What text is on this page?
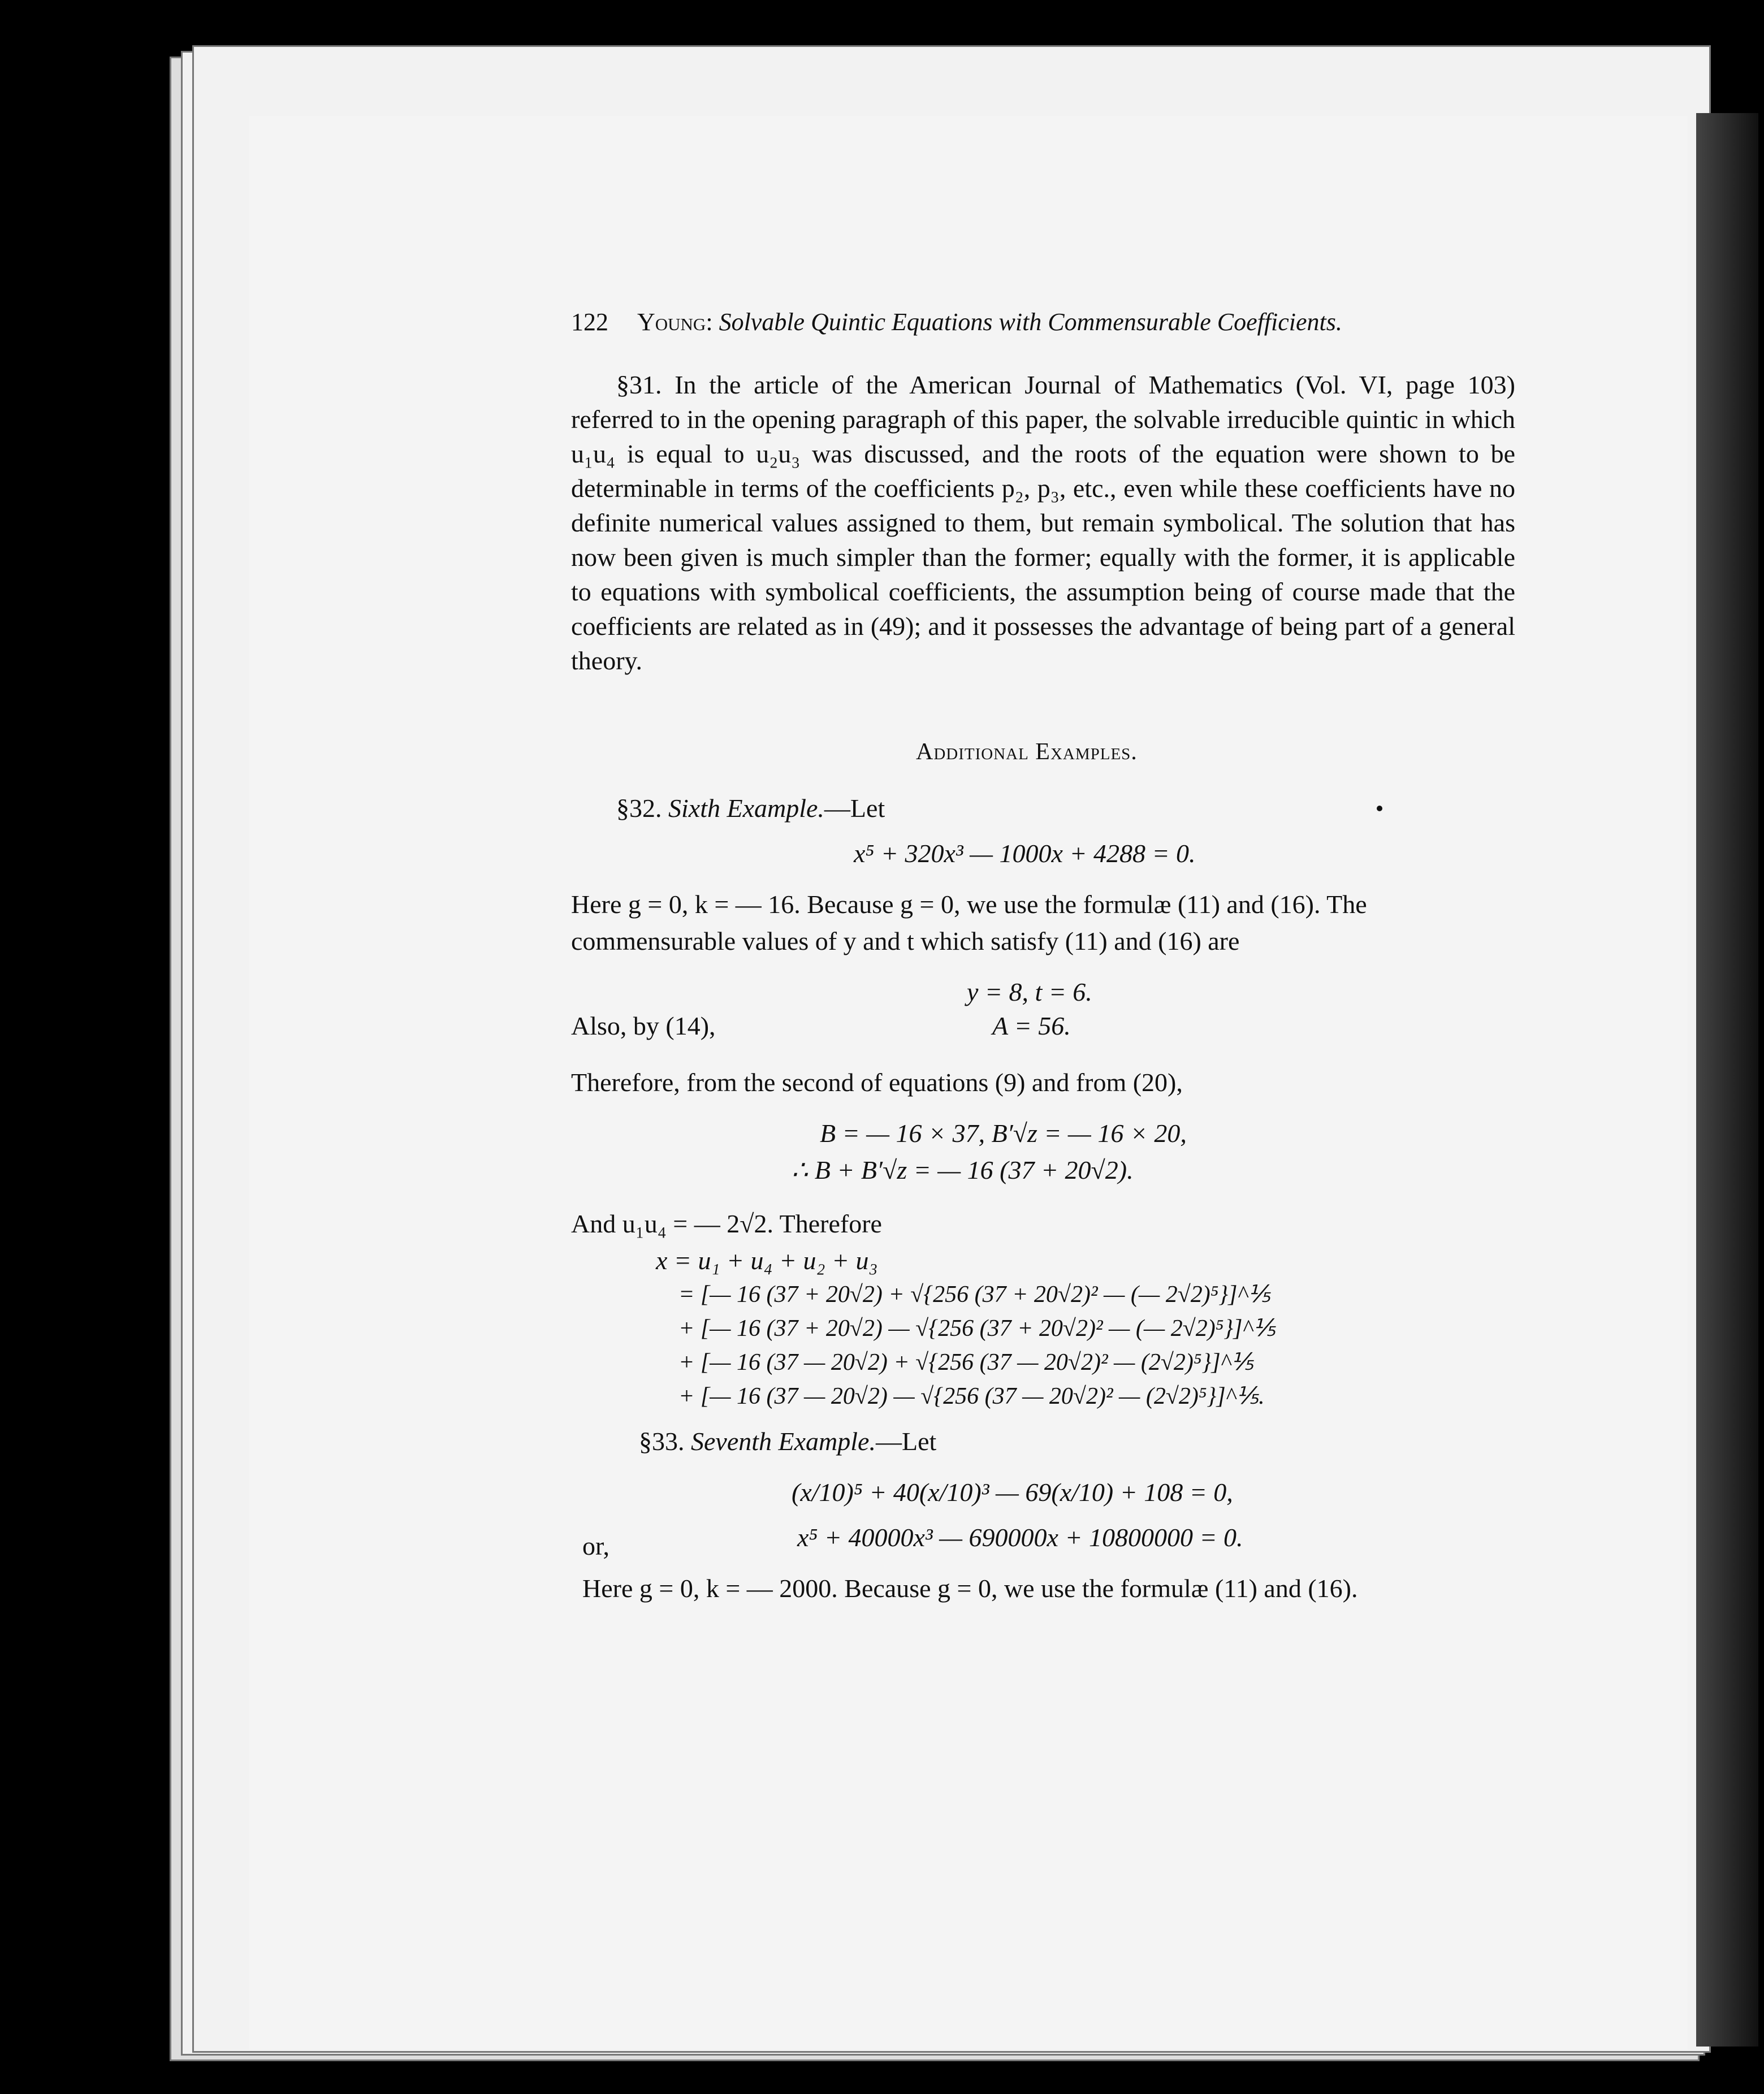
122 Young: Solvable Quintic Equations with Commensurable Coefficients.
§31. In the article of the American Journal of Mathematics (Vol. VI, page 103) referred to in the opening paragraph of this paper, the solvable irreducible quintic in which u₁u₄ is equal to u₂u₃ was discussed, and the roots of the equation were shown to be determinable in terms of the coefficients p₂, p₃, etc., even while these coefficients have no definite numerical values assigned to them, but remain symbolical. The solution that has now been given is much simpler than the former; equally with the former, it is applicable to equations with symbolical coefficients, the assumption being of course made that the coefficients are related as in (49); and it possesses the advantage of being part of a general theory.
Additional Examples.
§32. Sixth Example.—Let
x⁵ + 320x³ — 1000x + 4288 = 0.
Here g = 0, k = — 16. Because g = 0, we use the formulæ (11) and (16). The
commensurable values of y and t which satisfy (11) and (16) are
y = 8, t = 6.
Also, by (14),	A = 56.
Therefore, from the second of equations (9) and from (20),
B = — 16 × 37, B′√z = — 16 × 20,
∴ B + B′√z = — 16 (37 + 20√2).
And u₁u₄ = — 2√2. Therefore
x = u₁ + u₄ + u₂ + u₃
= [— 16 (37 + 20√2) + √{256 (37 + 20√2)² — (— 2√2)⁵}]^⅕
+ [— 16 (37 + 20√2) — √{256 (37 + 20√2)² — (— 2√2)⁵}]^⅕
+ [— 16 (37 — 20√2) + √{256 (37 — 20√2)² — (2√2)⁵}]^⅕
+ [— 16 (37 — 20√2) — √{256 (37 — 20√2)² — (2√2)⁵}]^⅕.
§33. Seventh Example.—Let
(x/10)⁵ + 40(x/10)³ — 69(x/10) + 108 = 0,
or,	x⁵ + 40000x³ — 690000x + 10800000 = 0.
Here g = 0, k = — 2000. Because g = 0, we use the formulæ (11) and (16).
